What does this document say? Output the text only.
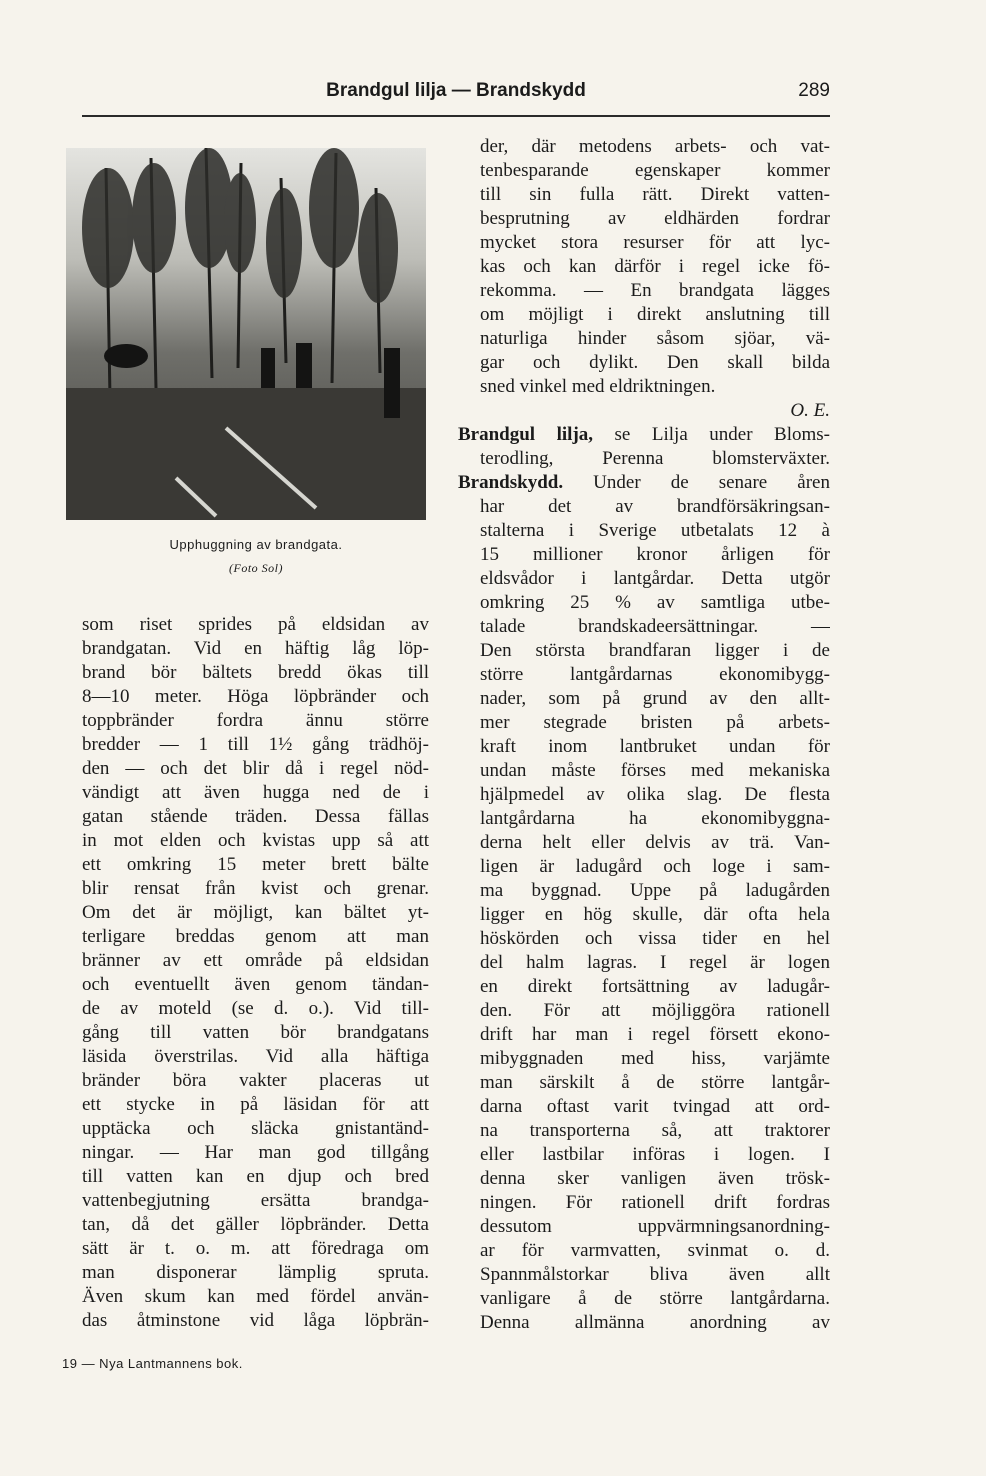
Brandgul lilja — Brandskydd	289
Upphuggning av brandgata.
(Foto Sol)
som riset sprides på eldsidan av
brandgatan. Vid en häftig låg löp-
brand bör bältets bredd ökas till
8—10 meter. Höga löpbränder och
toppbränder fordra ännu större
bredder — 1 till 1½ gång trädhöj-
den — och det blir då i regel nöd-
vändigt att även hugga ned de i
gatan stående träden. Dessa fällas
in mot elden och kvistas upp så att
ett omkring 15 meter brett bälte
blir rensat från kvist och grenar.
Om det är möjligt, kan bältet yt-
terligare breddas genom att man
bränner av ett område på eldsidan
och eventuellt även genom tändan-
de av moteld (se d. o.). Vid till-
gång till vatten bör brandgatans
läsida överstrilas. Vid alla häftiga
bränder böra vakter placeras ut
ett stycke in på läsidan för att
upptäcka och släcka gnistantänd-
ningar. — Har man god tillgång
till vatten kan en djup och bred
vattenbegjutning ersätta brandga-
tan, då det gäller löpbränder. Detta
sätt är t. o. m. att föredraga om
man disponerar lämplig spruta.
Även skum kan med fördel använ-
das åtminstone vid låga löpbrän-
der, där metodens arbets- och vat-
tenbesparande egenskaper kommer
till sin fulla rätt. Direkt vatten-
besprutning av eldhärden fordrar
mycket stora resurser för att lyc-
kas och kan därför i regel icke fö-
rekomma. — En brandgata lägges
om möjligt i direkt anslutning till
naturliga hinder såsom sjöar, vä-
gar och dylikt. Den skall bilda
sned vinkel med eldriktningen.
O. E.
Brandgul lilja, se Lilja under Bloms-
terodling, Perenna blomsterväxter.
Brandskydd. Under de senare åren
har det av brandförsäkringsan-
stalterna i Sverige utbetalats 12 à
15 millioner kronor årligen för
eldsvådor i lantgårdar. Detta utgör
omkring 25 % av samtliga utbe-
talade brandskadeersättningar. —
Den största brandfaran ligger i de
större lantgårdarnas ekonomibygg-
nader, som på grund av den allt-
mer stegrade bristen på arbets-
kraft inom lantbruket undan för
undan måste förses med mekaniska
hjälpmedel av olika slag. De flesta
lantgårdarna ha ekonomibyggna-
derna helt eller delvis av trä. Van-
ligen är ladugård och loge i sam-
ma byggnad. Uppe på ladugården
ligger en hög skulle, där ofta hela
höskörden och vissa tider en hel
del halm lagras. I regel är logen
en direkt fortsättning av ladugår-
den. För att möjliggöra rationell
drift har man i regel försett ekono-
mibyggnaden med hiss, varjämte
man särskilt å de större lantgår-
darna oftast varit tvingad att ord-
na transporterna så, att traktorer
eller lastbilar införas i logen. I
denna sker vanligen även trösk-
ningen. För rationell drift fordras
dessutom uppvärmningsanordning-
ar för varmvatten, svinmat o. d.
Spannmålstorkar bliva även allt
vanligare å de större lantgårdarna.
Denna allmänna anordning av
19 — Nya Lantmannens bok.
